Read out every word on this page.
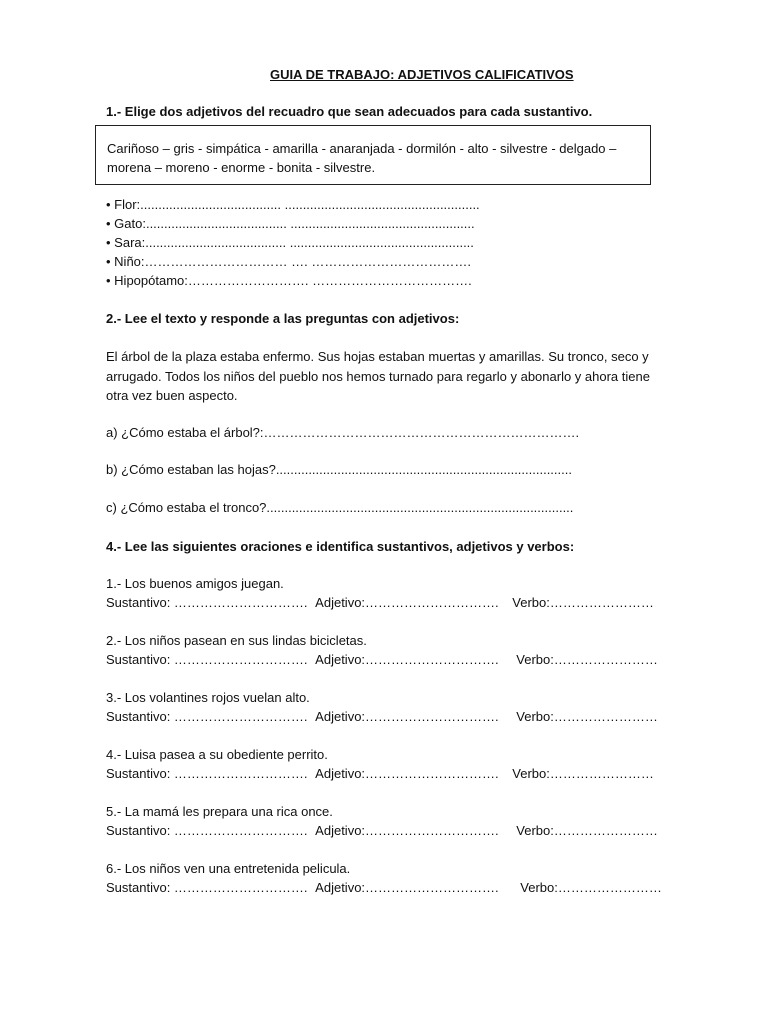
GUIA DE TRABAJO: ADJETIVOS CALIFICATIVOS
1.- Elige dos adjetivos del recuadro que sean adecuados para cada sustantivo.
Cariñoso – gris - simpática - amarilla - anaranjada - dormilón - alto - silvestre - delgado – morena – moreno - enorme - bonita - silvestre.
• Flor:....................................... ......................................................
• Gato:....................................... ...................................................
• Sara:....................................... ...................................................
• Niño:…………………………… …. ……………………………….
• Hipopótamo:………………………. ……………………………….
2.- Lee el texto y responde a las preguntas con adjetivos:
El árbol de la plaza estaba enfermo. Sus hojas estaban muertas y amarillas. Su tronco, seco y arrugado. Todos los niños del pueblo nos hemos turnado para regarlo y abonarlo y ahora tiene otra vez buen aspecto.
a) ¿Cómo estaba el árbol?:……………………………………………………………….
b) ¿Cómo estaban las hojas?..................................................................................
c) ¿Cómo estaba el tronco?.....................................................................................
4.- Lee las siguientes oraciones e identifica sustantivos, adjetivos y verbos:
1.- Los buenos amigos juegan.
Sustantivo: …………………………. Adjetivo:…………………………. Verbo:……………………
2.- Los niños pasean en sus lindas bicicletas.
Sustantivo: …………………………. Adjetivo:…………………………. Verbo:……………………
3.- Los volantines rojos vuelan alto.
Sustantivo: …………………………. Adjetivo:…………………………. Verbo:……………………
4.- Luisa pasea a su obediente perrito.
Sustantivo: …………………………. Adjetivo:…………………………. Verbo:……………………
5.- La mamá les prepara una rica once.
Sustantivo: …………………………. Adjetivo:…………………………. Verbo:……………………
6.- Los niños ven una entretenida pelicula.
Sustantivo: …………………………. Adjetivo:…………………………. Verbo:……………………
